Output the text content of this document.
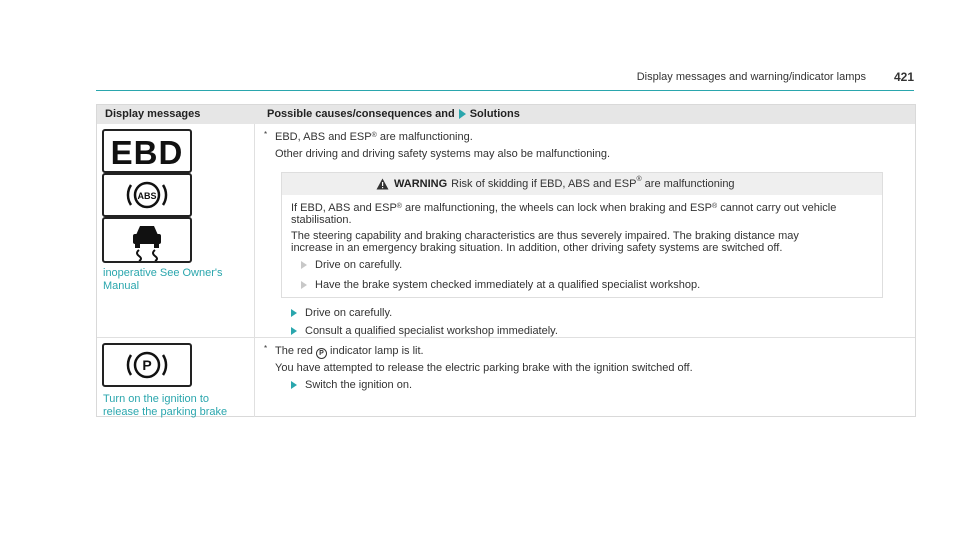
Display messages and warning/indicator lamps 421
Display messages	Possible causes/consequences and Solutions
EBD
ABS
inoperative See Owner's
Manual
* EBD, ABS and ESP® are malfunctioning.
Other driving and driving safety systems may also be malfunctioning.
WARNING Risk of skidding if EBD, ABS and ESP® are malfunctioning
If EBD, ABS and ESP® are malfunctioning, the wheels can lock when braking and ESP® cannot carry out vehicle
stabilisation.
The steering capability and braking characteristics are thus severely impaired. The braking distance may
increase in an emergency braking situation. In addition, other driving safety systems are switched off.
Drive on carefully.
Have the brake system checked immediately at a qualified specialist workshop.
Drive on carefully.
Consult a qualified specialist workshop immediately.
P
Turn on the ignition to
release the parking brake
* The red P indicator lamp is lit.
You have attempted to release the electric parking brake with the ignition switched off.
Switch the ignition on.
